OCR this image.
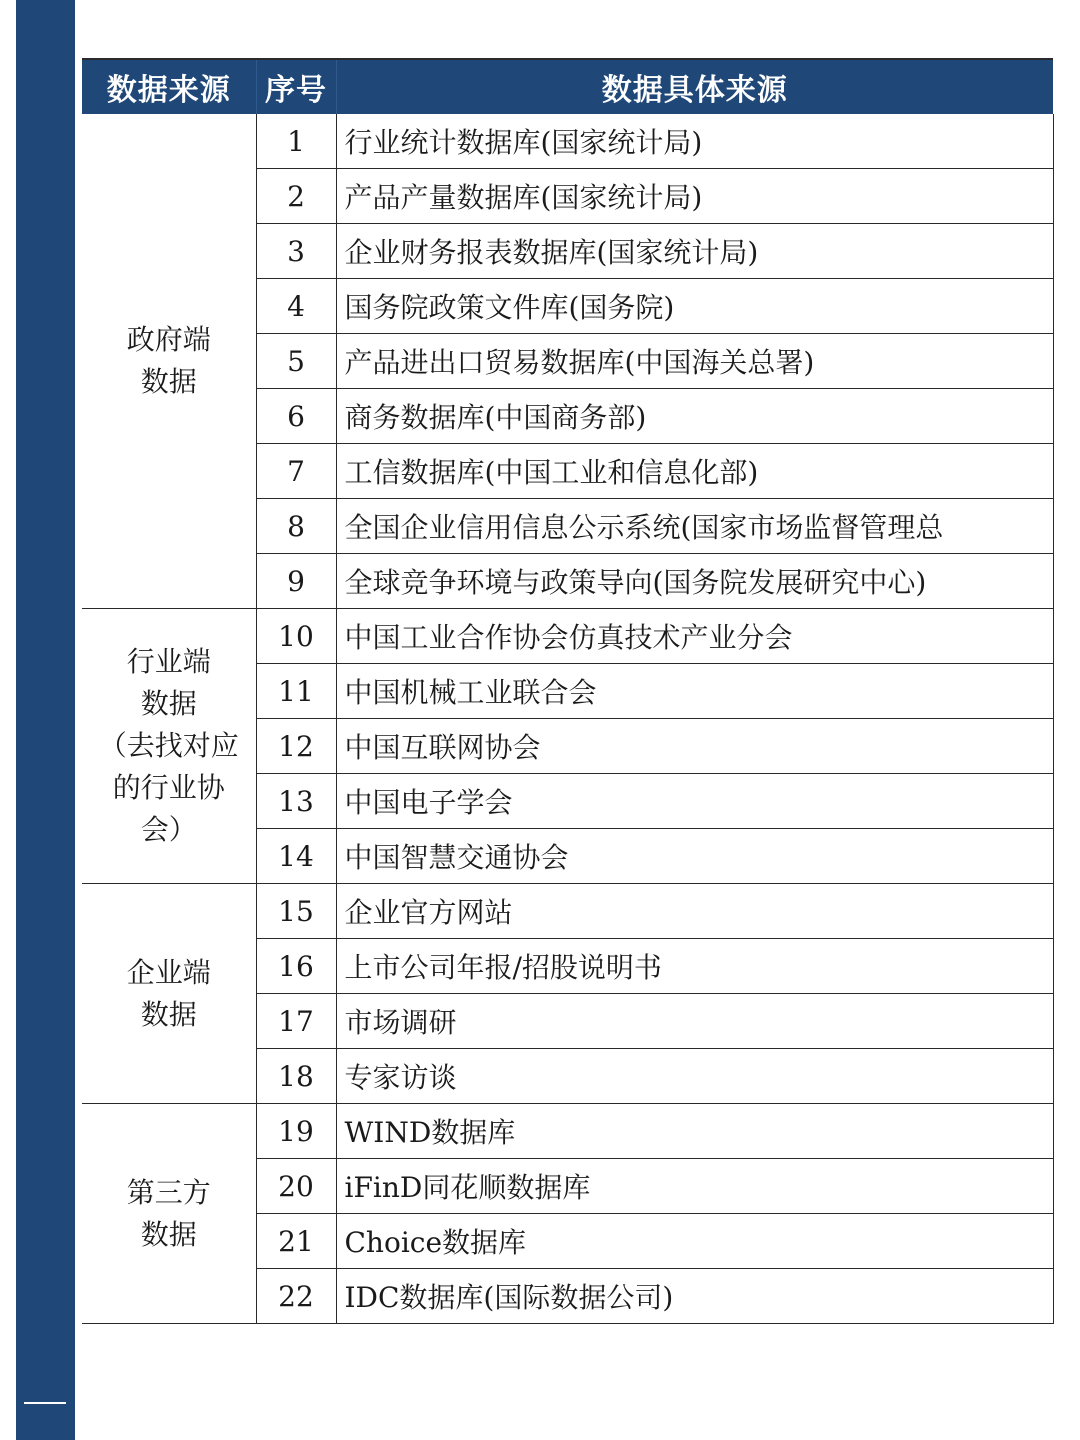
数据来源	序号	数据具体来源

政府端
数据	1	行业统计数据库(国家统计局)
	2	产品产量数据库(国家统计局)
	3	企业财务报表数据库(国家统计局)
	4	国务院政策文件库(国务院)
	5	产品进出口贸易数据库(中国海关总署)
	6	商务数据库(中国商务部)
	7	工信数据库(中国工业和信息化部)
	8	全国企业信用信息公示系统(国家市场监督管理总
	9	全球竞争环境与政策导向(国务院发展研究中心)

行业端
数据
（去找对应
的行业协
会）	10	中国工业合作协会仿真技术产业分会
	11	中国机械工业联合会
	12	中国互联网协会
	13	中国电子学会
	14	中国智慧交通协会

企业端
数据	15	企业官方网站
	16	上市公司年报/招股说明书
	17	市场调研
	18	专家访谈

第三方
数据	19	WIND数据库
	20	iFinD同花顺数据库
	21	Choice数据库
	22	IDC数据库(国际数据公司)
